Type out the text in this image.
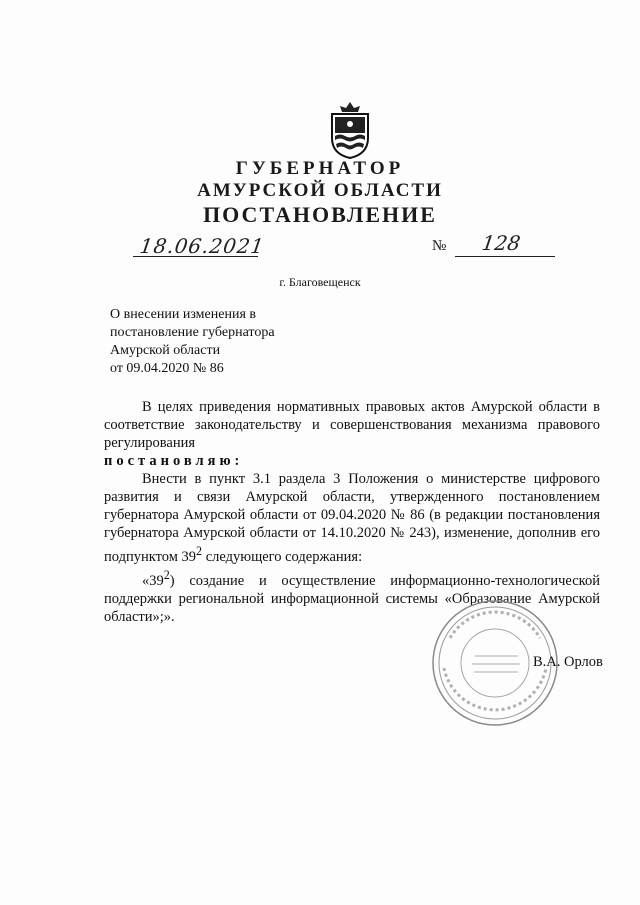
ГУБЕРНАТОР
АМУРСКОЙ ОБЛАСТИ
ПОСТАНОВЛЕНИЕ
18.06.2021	№ 128
г. Благовещенск
О внесении изменения в
постановление губернатора
Амурской области
от 09.04.2020 № 86
В целях приведения нормативных правовых актов Амурской области в соответствие законодательству и совершенствования механизма правового регулирования
постановляю:
Внести в пункт 3.1 раздела 3 Положения о министерстве цифрового развития и связи Амурской области, утвержденного постановлением губернатора Амурской области от 09.04.2020 № 86 (в редакции постановления губернатора Амурской области от 14.10.2020 № 243), изменение, дополнив его подпунктом $39^2$ следующего содержания:
«$39^2$) создание и осуществление информационно-технологической поддержки региональной информационной системы «Образование Амурской области»;».
В.А. Орлов
